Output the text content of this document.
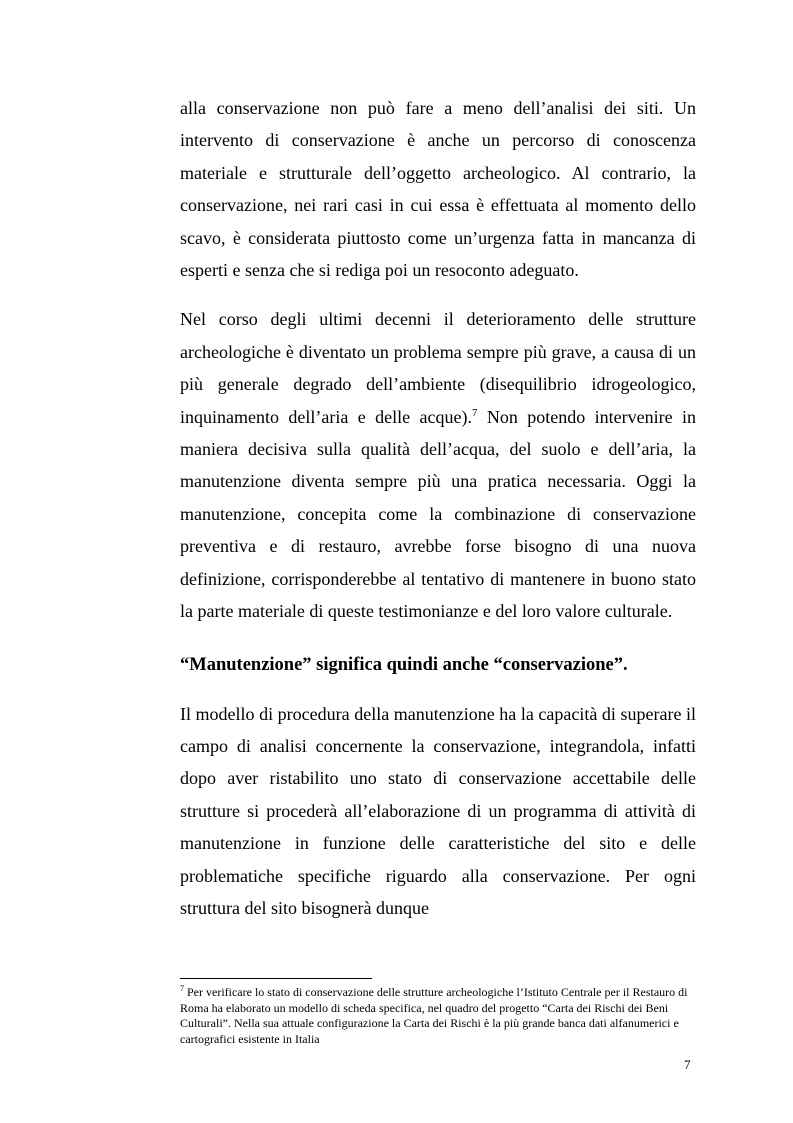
alla conservazione non può fare a meno dell’analisi dei siti. Un intervento di conservazione è anche un percorso di conoscenza materiale e strutturale dell’oggetto archeologico. Al contrario, la conservazione, nei rari casi in cui essa è effettuata al momento dello scavo, è considerata piuttosto come un’urgenza fatta in mancanza di esperti e senza che si rediga poi un resoconto adeguato.

Nel corso degli ultimi decenni il deterioramento delle strutture archeologiche è diventato un problema sempre più grave, a causa di un più generale degrado dell’ambiente (disequilibrio idrogeologico, inquinamento dell’aria e delle acque).$^7$ Non potendo intervenire in maniera decisiva sulla qualità dell’acqua, del suolo e dell’aria, la manutenzione diventa sempre più una pratica necessaria. Oggi la manutenzione, concepita come la combinazione di conservazione preventiva e di restauro, avrebbe forse bisogno di una nuova definizione, corrisponderebbe al tentativo di mantenere in buono stato la parte materiale di queste testimonianze e del loro valore culturale.

“Manutenzione” significa quindi anche “conservazione”.

Il modello di procedura della manutenzione ha la capacità di superare il campo di analisi concernente la conservazione, integrandola, infatti dopo aver ristabilito uno stato di conservazione accettabile delle strutture si procederà all’elaborazione di un programma di attività di manutenzione in funzione delle caratteristiche del sito e delle problematiche specifiche riguardo alla conservazione. Per ogni struttura del sito bisognerà dunque

$^7$ Per verificare lo stato di conservazione delle strutture archeologiche l’Istituto Centrale per il Restauro di Roma ha elaborato un modello di scheda specifica, nel quadro del progetto “Carta dei Rischi dei Beni Culturali”. Nella sua attuale configurazione la Carta dei Rischi è la più grande banca dati alfanumerici e cartografici esistente in Italia

7
